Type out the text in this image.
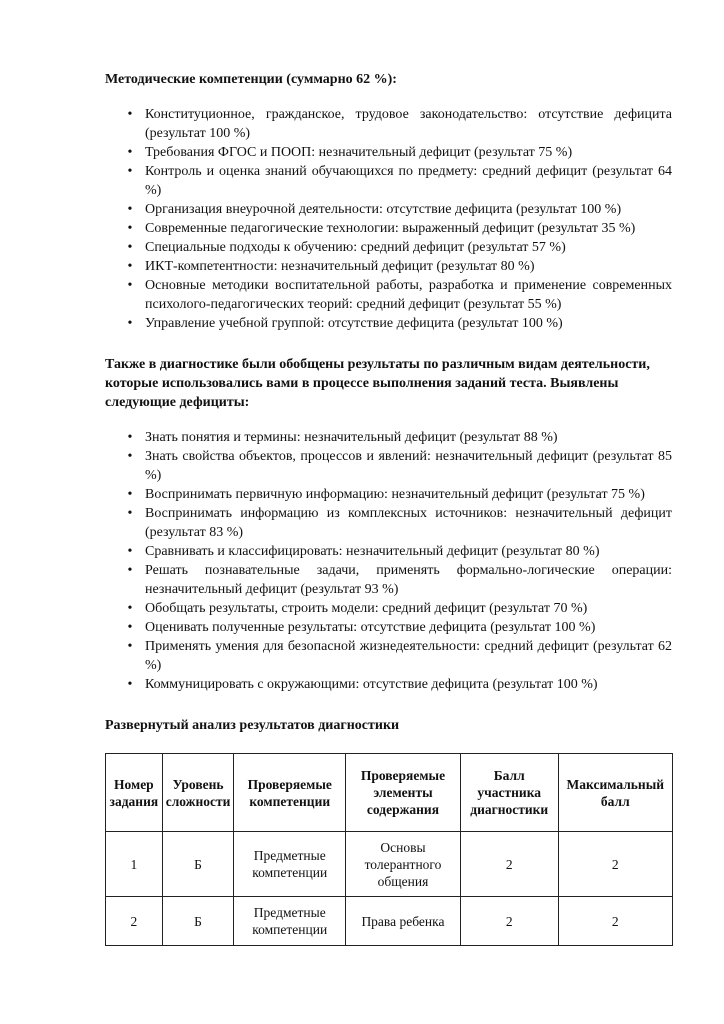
Методические компетенции (суммарно 62 %):

• Конституционное, гражданское, трудовое законодательство: отсутствие дефицита (результат 100 %)
• Требования ФГОС и ПООП: незначительный дефицит (результат 75 %)
• Контроль и оценка знаний обучающихся по предмету: средний дефицит (результат 64 %)
• Организация внеурочной деятельности: отсутствие дефицита (результат 100 %)
• Современные педагогические технологии: выраженный дефицит (результат 35 %)
• Специальные подходы к обучению: средний дефицит (результат 57 %)
• ИКТ-компетентности: незначительный дефицит (результат 80 %)
• Основные методики воспитательной работы, разработка и применение современных психолого-педагогических теорий: средний дефицит (результат 55 %)
• Управление учебной группой: отсутствие дефицита (результат 100 %)

Также в диагностике были обобщены результаты по различным видам деятельности, которые использовались вами в процессе выполнения заданий теста. Выявлены следующие дефициты:

• Знать понятия и термины: незначительный дефицит (результат 88 %)
• Знать свойства объектов, процессов и явлений: незначительный дефицит (результат 85 %)
• Воспринимать первичную информацию: незначительный дефицит (результат 75 %)
• Воспринимать информацию из комплексных источников: незначительный дефицит (результат 83 %)
• Сравнивать и классифицировать: незначительный дефицит (результат 80 %)
• Решать познавательные задачи, применять формально-логические операции: незначительный дефицит (результат 93 %)
• Обобщать результаты, строить модели: средний дефицит (результат 70 %)
• Оценивать полученные результаты: отсутствие дефицита (результат 100 %)
• Применять умения для безопасной жизнедеятельности: средний дефицит (результат 62 %)
• Коммуницировать с окружающими: отсутствие дефицита (результат 100 %)

Развернутый анализ результатов диагностики

Номер задания	Уровень сложности	Проверяемые компетенции	Проверяемые элементы содержания	Балл участника диагностики	Максимальный балл
1	Б	Предметные компетенции	Основы толерантного общения	2	2
2	Б	Предметные компетенции	Права ребенка	2	2
